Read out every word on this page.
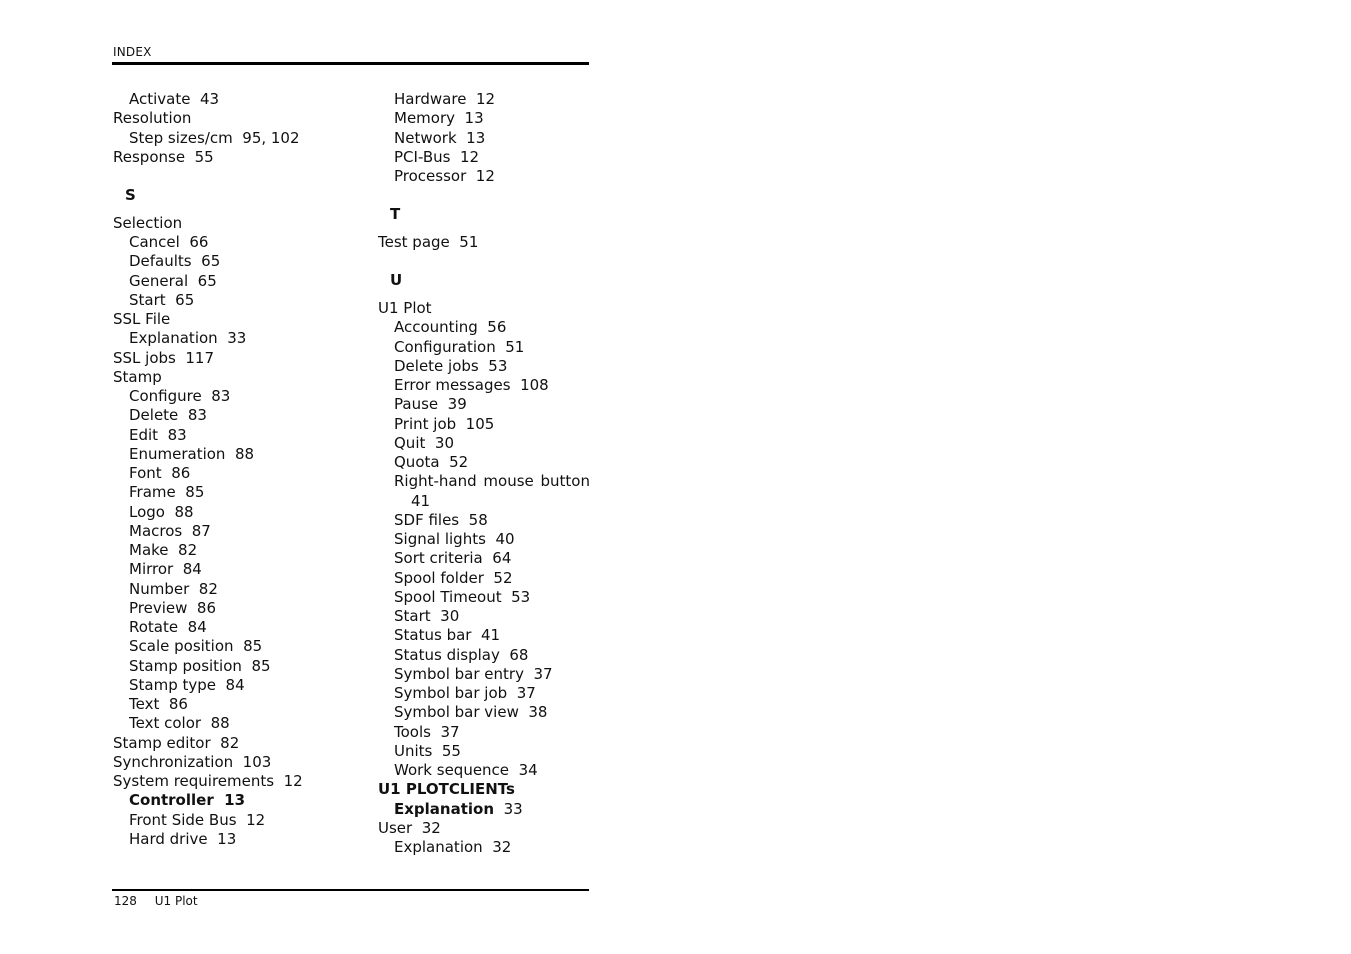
INDEX
Activate  43
Resolution
Step sizes/cm  95, 102
Response  55
S
Selection
Cancel  66
Defaults  65
General  65
Start  65
SSL File
Explanation  33
SSL jobs  117
Stamp
Configure  83
Delete  83
Edit  83
Enumeration  88
Font  86
Frame  85
Logo  88
Macros  87
Make  82
Mirror  84
Number  82
Preview  86
Rotate  84
Scale position  85
Stamp position  85
Stamp type  84
Text  86
Text color  88
Stamp editor  82
Synchronization  103
System requirements  12
Controller  13
Front Side Bus  12
Hard drive  13
Hardware  12
Memory  13
Network  13
PCI-Bus  12
Processor  12
T
Test page  51
U
U1 Plot
Accounting  56
Configuration  51
Delete jobs  53
Error messages  108
Pause  39
Print job  105
Quit  30
Quota  52
Right-hand mouse button
41
SDF files  58
Signal lights  40
Sort criteria  64
Spool folder  52
Spool Timeout  53
Start  30
Status bar  41
Status display  68
Symbol bar entry  37
Symbol bar job  37
Symbol bar view  38
Tools  37
Units  55
Work sequence  34
U1 PLOTCLIENTs
Explanation  33
User  32
Explanation  32
128 U1 Plot
